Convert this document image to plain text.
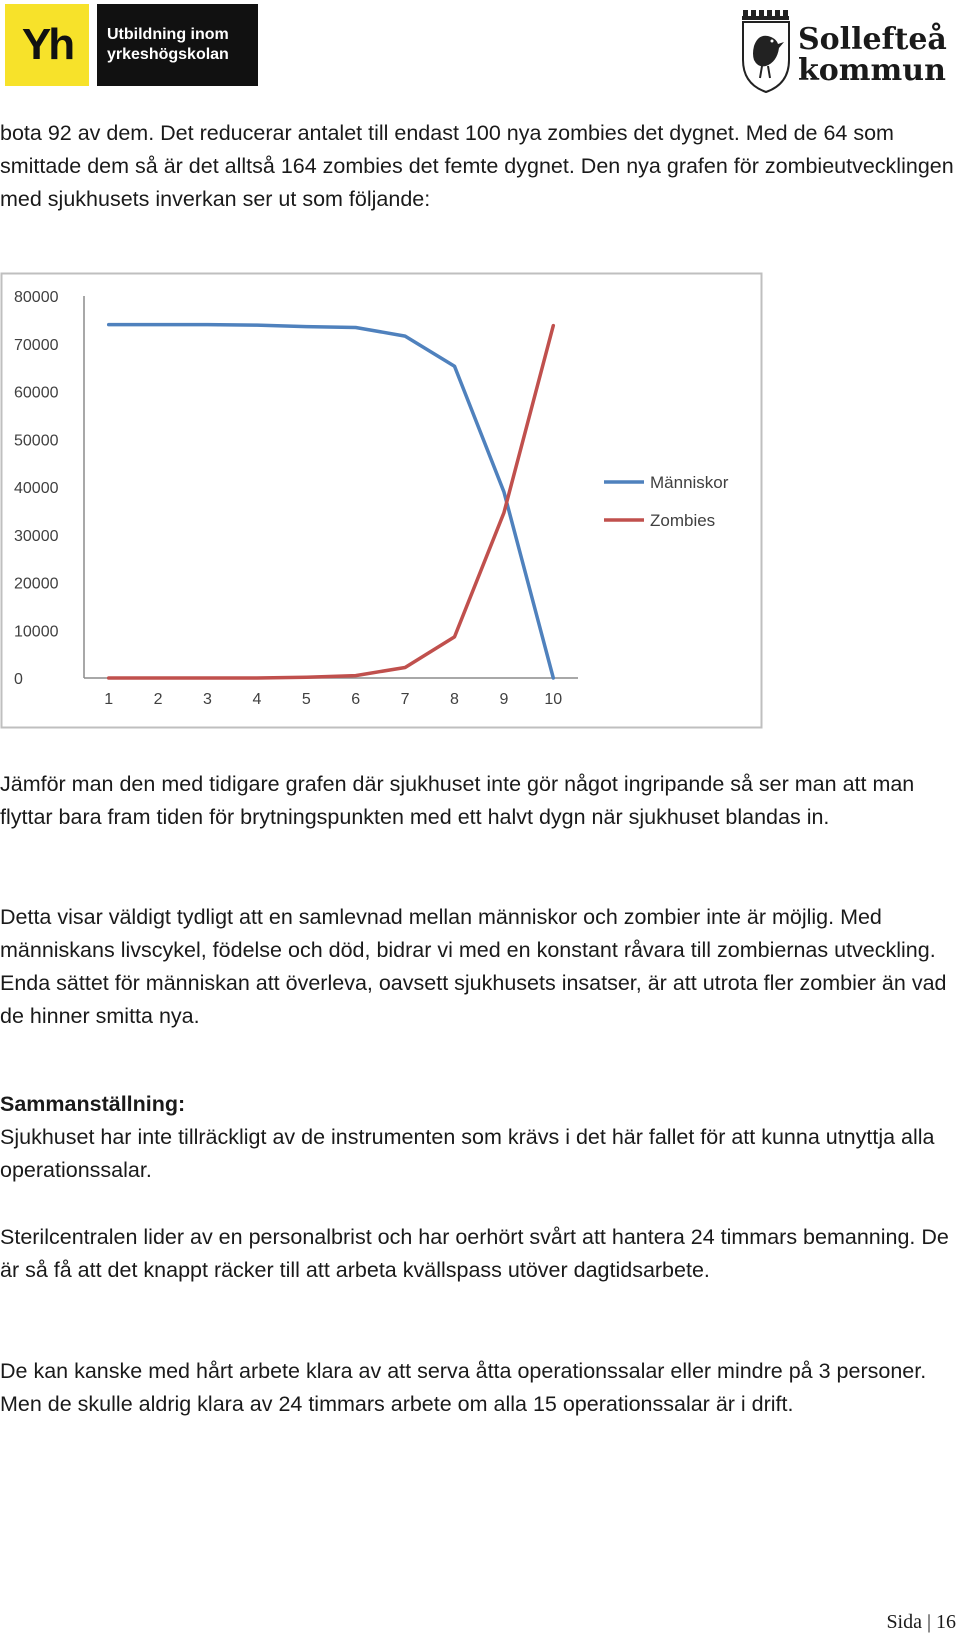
Yh Utbildning inom
yrkeshögskolan	Sollefteå
kommun

bota 92 av dem. Det reducerar antalet till endast 100 nya zombies det dygnet. Med de 64 som smittade dem så är det alltså 164 zombies det femte dygnet. Den nya grafen för zombieutvecklingen med sjukhusets inverkan ser ut som följande:

0
10000
20000
30000
40000
50000
60000
70000
80000
1	2	3	4	5	6	7	8	9 10
Människor
Zombies

Jämför man den med tidigare grafen där sjukhuset inte gör något ingripande så ser man att man flyttar bara fram tiden för brytningspunkten med ett halvt dygn när sjukhuset blandas in.

Detta visar väldigt tydligt att en samlevnad mellan människor och zombier inte är möjlig. Med människans livscykel, födelse och död, bidrar vi med en konstant råvara till zombiernas utveckling. Enda sättet för människan att överleva, oavsett sjukhusets insatser, är att utrota fler zombier än vad de hinner smitta nya.

Sammanställning:

Sjukhuset har inte tillräckligt av de instrumenten som krävs i det här fallet för att kunna utnyttja alla operationssalar.

Sterilcentralen lider av en personalbrist och har oerhört svårt att hantera 24 timmars bemanning. De är så få att det knappt räcker till att arbeta kvällspass utöver dagtidsarbete.

De kan kanske med hårt arbete klara av att serva åtta operationssalar eller mindre på 3 personer. Men de skulle aldrig klara av 24 timmars arbete om alla 15 operationssalar är i drift.

Sida | 16
